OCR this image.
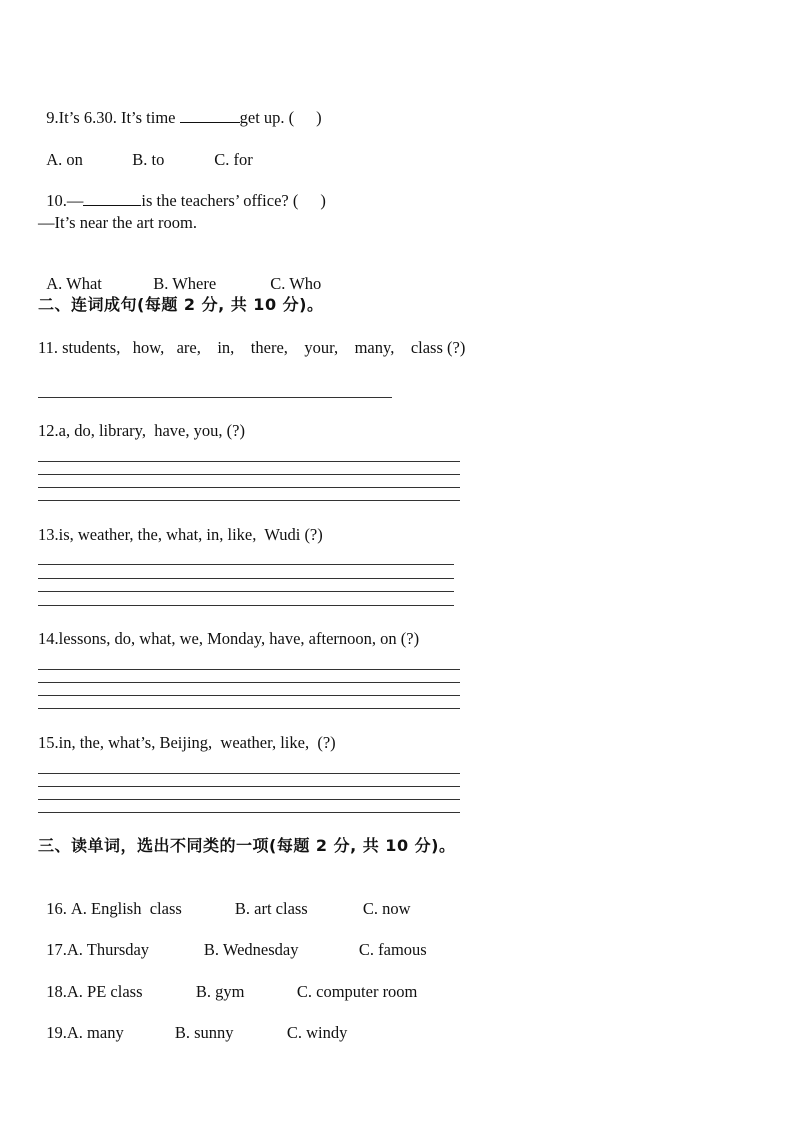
9.It’s 6.30. It’s time	get up. ( )

A. on	B. to	C. for

10.—	is the teachers’ office? ( )

—It’s near the art room.

A. What	B. Where	C. Who

二、连词成句(每题 2 分, 共 10 分)。
11. students,   how,   are,    in,    there,    your,    many,    class (?)
12.a, do, library,  have, you, (?)
13.is, weather, the, what, in, like,  Wudi (?)
14.lessons, do, what, we, Monday, have, afternoon, on (?)
15.in, the, what’s, Beijing,  weather, like,  (?)
三、读单词，选出不同类的一项(每题 2 分, 共 10 分)。

16. A. English  class	B. art class	C. now

17.A. Thursday	B. Wednesday	C. famous

18.A. PE class	B. gym	C. computer room

19.A. many	B. sunny	C. windy
